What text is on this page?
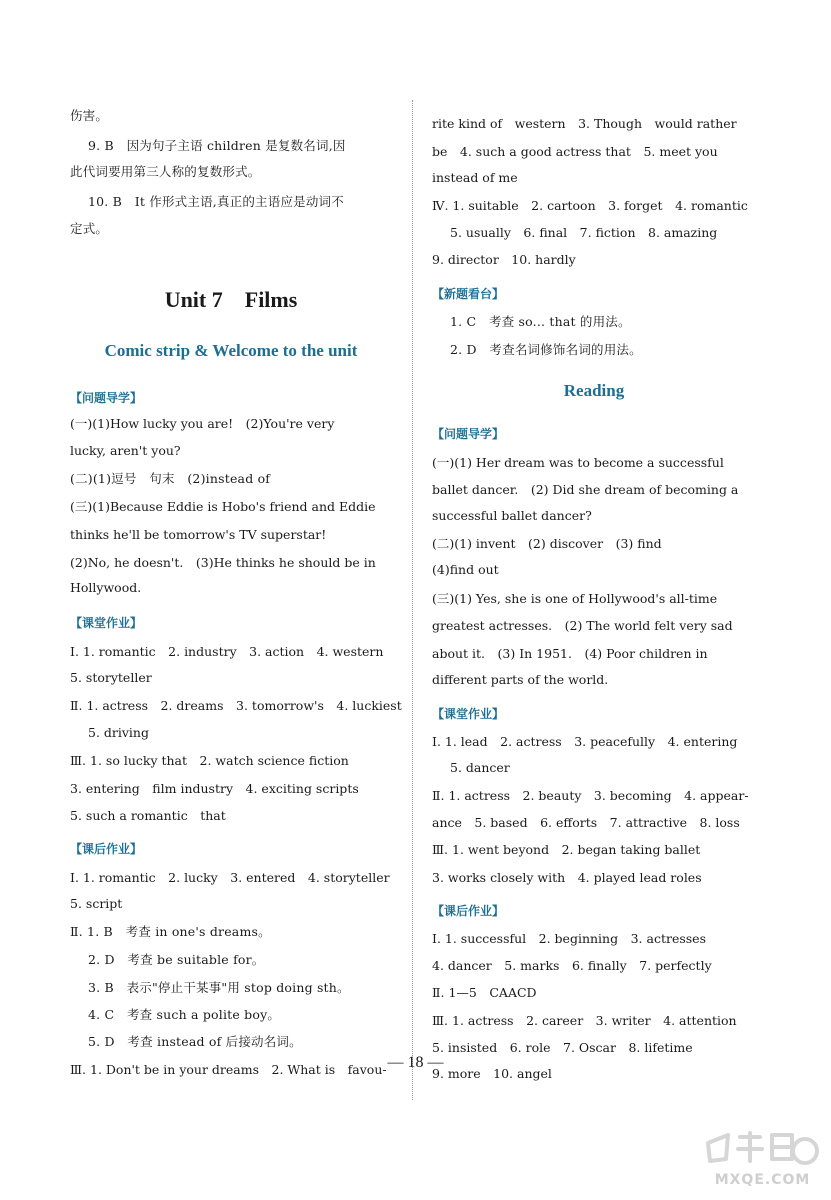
伤害。
9. B　因为句子主语 children 是复数名词,因
此代词要用第三人称的复数形式。
10. B　It 作形式主语,真正的主语应是动词不
定式。
Unit 7　Films
Comic strip & Welcome to the unit
【问题导学】
(一)(1)How lucky you are!　(2)You're very
lucky, aren't you?
(二)(1)逗号　句末　(2)instead of
(三)(1)Because Eddie is Hobo's friend and Eddie
thinks he'll be tomorrow's TV superstar!
(2)No, he doesn't.　(3)He thinks he should be in
Hollywood.
【课堂作业】
Ⅰ. 1. romantic　2. industry　3. action　4. western
5. storyteller
Ⅱ. 1. actress　2. dreams　3. tomorrow's　4. luckiest
5. driving
Ⅲ. 1. so lucky that　2. watch science fiction
3. entering　film industry　4. exciting scripts
5. such a romantic　that
【课后作业】
Ⅰ. 1. romantic　2. lucky　3. entered　4. storyteller
5. script
Ⅱ. 1. B　考查 in one's dreams。
2. D　考查 be suitable for。
3. B　表示"停止干某事"用 stop doing sth。
4. C　考查 such a polite boy。
5. D　考查 instead of 后接动名词。
Ⅲ. 1. Don't be in your dreams　2. What is　favou-
rite kind of　western　3. Though　would rather
be　4. such a good actress that　5. meet you
instead of me
Ⅳ. 1. suitable　2. cartoon　3. forget　4. romantic
5. usually　6. final　7. fiction　8. amazing
9. director　10. hardly
【新题看台】
1. C　考查 so... that 的用法。
2. D　考查名词修饰名词的用法。
Reading
【问题导学】
(一)(1) Her dream was to become a successful
ballet dancer.　(2) Did she dream of becoming a
successful ballet dancer?
(二)(1) invent　(2) discover　(3) find
(4)find out
(三)(1) Yes, she is one of Hollywood's all-time
greatest actresses.　(2) The world felt very sad
about it.　(3) In 1951.　(4) Poor children in
different parts of the world.
【课堂作业】
Ⅰ. 1. lead　2. actress　3. peacefully　4. entering
5. dancer
Ⅱ. 1. actress　2. beauty　3. becoming　4. appear-
ance　5. based　6. efforts　7. attractive　8. loss
Ⅲ. 1. went beyond　2. began taking ballet
3. works closely with　4. played lead roles
【课后作业】
Ⅰ. 1. successful　2. beginning　3. actresses
4. dancer　5. marks　6. finally　7. perfectly
Ⅱ. 1—5　CAACD
Ⅲ. 1. actress　2. career　3. writer　4. attention
5. insisted　6. role　7. Oscar　8. lifetime
9. more　10. angel
— 18 —
MXQE.COM
